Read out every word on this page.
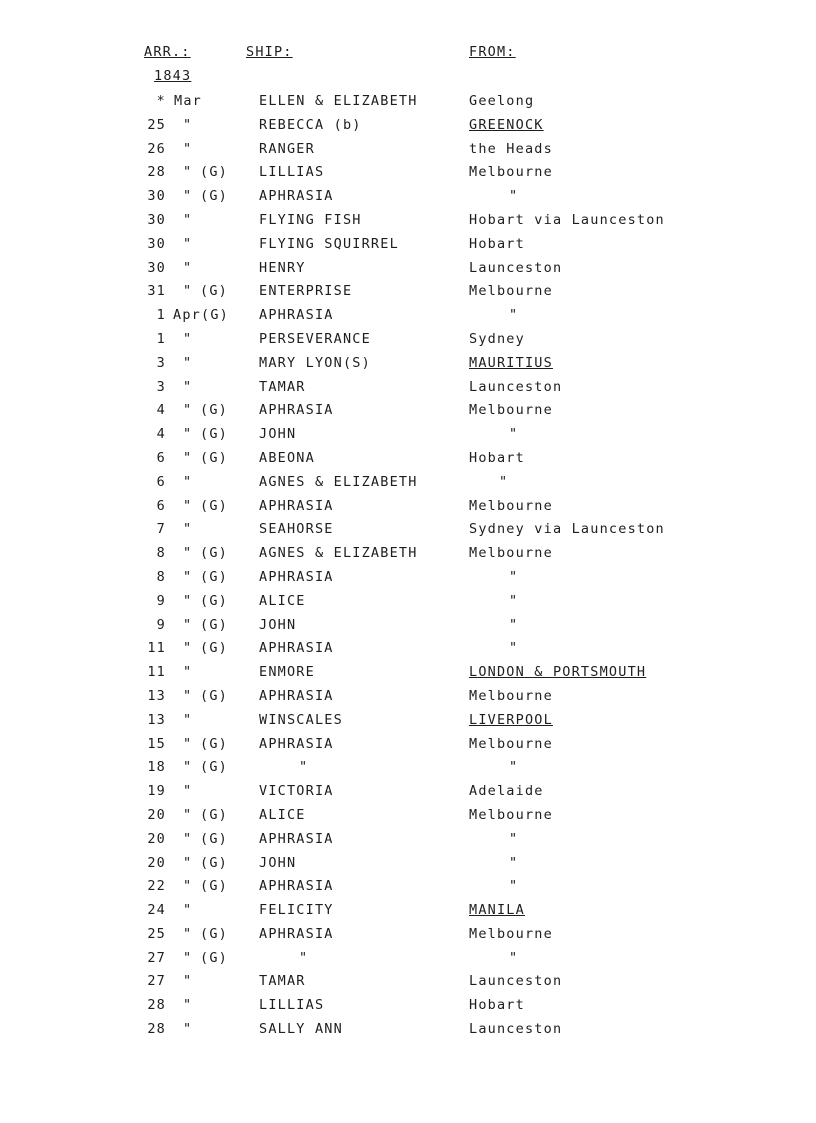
ARR.:	SHIP:	FROM:
1843
* Mar	ELLEN & ELIZABETH	Geelong
25 "	REBECCA (b)	GREENOCK
26 "	RANGER	the Heads
28 " (G)	LILLIAS	Melbourne
30 " (G)	APHRASIA	"
30 "	FLYING FISH	Hobart via Launceston
30 "	FLYING SQUIRREL	Hobart
30 "	HENRY	Launceston
31 " (G)	ENTERPRISE	Melbourne
1 Apr (G)	APHRASIA	"
1 "	PERSEVERANCE	Sydney
3 "	MARY LYON(S)	MAURITIUS
3 "	TAMAR	Launceston
4 " (G)	APHRASIA	Melbourne
4 " (G)	JOHN	"
6 " (G)	ABEONA	Hobart
6 "	AGNES & ELIZABETH	"
6 " (G)	APHRASIA	Melbourne
7 "	SEAHORSE	Sydney via Launceston
8 " (G)	AGNES & ELIZABETH	Melbourne
8 " (G)	APHRASIA	"
9 " (G)	ALICE	"
9 " (G)	JOHN	"
11 " (G)	APHRASIA	"
11 "	ENMORE	LONDON & PORTSMOUTH
13 " (G)	APHRASIA	Melbourne
13 "	WINSCALES	LIVERPOOL
15 " (G)	APHRASIA	Melbourne
18 " (G)	"	"
19 "	VICTORIA	Adelaide
20 " (G)	ALICE	Melbourne
20 " (G)	APHRASIA	"
20 " (G)	JOHN	"
22 " (G)	APHRASIA	"
24 "	FELICITY	MANILA
25 " (G)	APHRASIA	Melbourne
27 " (G)	"	"
27 "	TAMAR	Launceston
28 "	LILLIAS	Hobart
28 "	SALLY ANN	Launceston
